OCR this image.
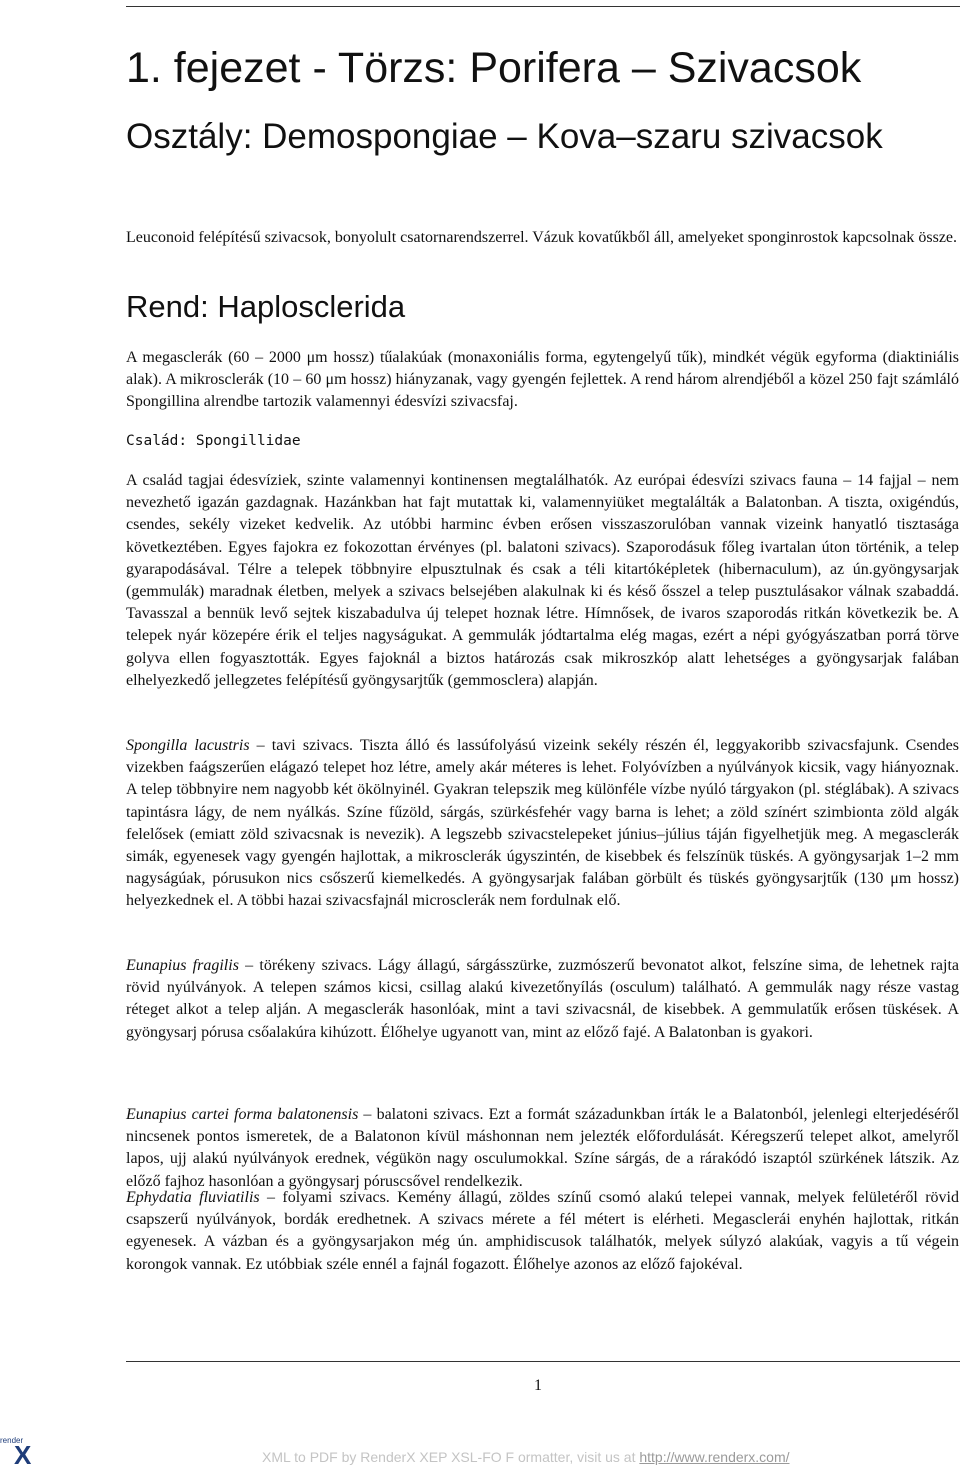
1. fejezet - Törzs: Porifera – Szivacsok
Osztály: Demospongiae – Kova–szaru szivacsok

Leuconoid felépítésű szivacsok, bonyolult csatornarendszerrel. Vázuk kovatűkből áll, amelyeket sponginrostok kapcsolnak össze.

Rend: Haplosclerida

A megasclerák (60 – 2000 μm hossz) tűalakúak (monaxoniális forma, egytengelyű tűk), mindkét végük egyforma (diaktiniális alak). A mikrosclerák (10 – 60 μm hossz) hiányzanak, vagy gyengén fejlettek. A rend három alrendjéből a közel 250 fajt számláló Spongillina alrendbe tartozik valamennyi édesvízi szivacsfaj.

Család: Spongillidae

A család tagjai édesvíziek, szinte valamennyi kontinensen megtalálhatók. Az európai édesvízi szivacs fauna – 14 fajjal – nem nevezhető igazán gazdagnak. Hazánkban hat fajt mutattak ki, valamennyiüket megtalálták a Balatonban. A tiszta, oxigéndús, csendes, sekély vizeket kedvelik. Az utóbbi harminc évben erősen visszaszorulóban vannak vizeink hanyatló tisztasága következtében. Egyes fajokra ez fokozottan érvényes (pl. balatoni szivacs). Szaporodásuk főleg ivartalan úton történik, a telep gyarapodásával. Télre a telepek többnyire elpusztulnak és csak a téli kitartóképletek (hibernaculum), az ún.gyöngysarjak (gemmulák) maradnak életben, melyek a szivacs belsejében alakulnak ki és késő ősszel a telep pusztulásakor válnak szabaddá. Tavasszal a bennük levő sejtek kiszabadulva új telepet hoznak létre. Hímnősek, de ivaros szaporodás ritkán következik be. A telepek nyár közepére érik el teljes nagyságukat. A gemmulák jódtartalma elég magas, ezért a népi gyógyászatban porrá törve golyva ellen fogyasztották. Egyes fajoknál a biztos határozás csak mikroszkóp alatt lehetséges a gyöngysarjak falában elhelyezkedő jellegzetes felépítésű gyöngysarjtűk (gemmosclera) alapján.

Spongilla lacustris – tavi szivacs. Tiszta álló és lassúfolyású vizeink sekély részén él, leggyakoribb szivacsfajunk. Csendes vizekben faágszerűen elágazó telepet hoz létre, amely akár méteres is lehet. Folyóvízben a nyúlványok kicsik, vagy hiányoznak. A telep többnyire nem nagyobb két ökölnyinél. Gyakran telepszik meg különféle vízbe nyúló tárgyakon (pl. stéglábak). A szivacs tapintásra lágy, de nem nyálkás. Színe fűzöld, sárgás, szürkésfehér vagy barna is lehet; a zöld színért szimbionta zöld algák felelősek (emiatt zöld szivacsnak is nevezik). A legszebb szivacstelepeket június–július táján figyelhetjük meg. A megasclerák simák, egyenesek vagy gyengén hajlottak, a mikrosclerák úgyszintén, de kisebbek és felszínük tüskés. A gyöngysarjak 1–2 mm nagyságúak, pórusukon nics csőszerű kiemelkedés. A gyöngysarjak falában görbült és tüskés gyöngysarjtűk (130 μm hossz) helyezkednek el. A többi hazai szivacsfajnál microsclerák nem fordulnak elő.

Eunapius fragilis – törékeny szivacs. Lágy állagú, sárgásszürke, zuzmószerű bevonatot alkot, felszíne sima, de lehetnek rajta rövid nyúlványok. A telepen számos kicsi, csillag alakú kivezetőnyílás (osculum) található. A gemmulák nagy része vastag réteget alkot a telep alján. A megasclerák hasonlóak, mint a tavi szivacsnál, de kisebbek. A gemmulatűk erősen tüskések. A gyöngysarj pórusa csőalakúra kihúzott. Élőhelye ugyanott van, mint az előző fajé. A Balatonban is gyakori.

Eunapius cartei forma balatonensis – balatoni szivacs. Ezt a formát századunkban írták le a Balatonból, jelenlegi elterjedéséről nincsenek pontos ismeretek, de a Balatonon kívül máshonnan nem jelezték előfordulását. Kéregszerű telepet alkot, amelyről lapos, ujj alakú nyúlványok erednek, végükön nagy osculumokkal. Színe sárgás, de a rárakódó iszaptól szürkének látszik. Az előző fajhoz hasonlóan a gyöngysarj póruscsővel rendelkezik.

Ephydatia fluviatilis – folyami szivacs. Kemény állagú, zöldes színű csomó alakú telepei vannak, melyek felületéről rövid csapszerű nyúlványok, bordák eredhetnek. A szivacs mérete a fél métert is elérheti. Megasclerái enyhén hajlottak, ritkán egyenesek. A vázban és a gyöngysarjakon még ún. amphidiscusok találhatók, melyek súlyzó alakúak, vagyis a tű végein korongok vannak. Ez utóbbiak széle ennél a fajnál fogazott. Élőhelye azonos az előző fajokéval.

1
render
X	XML to PDF by RenderX XEP XSL-FO F ormatter, visit us at http://www.renderx.com/
